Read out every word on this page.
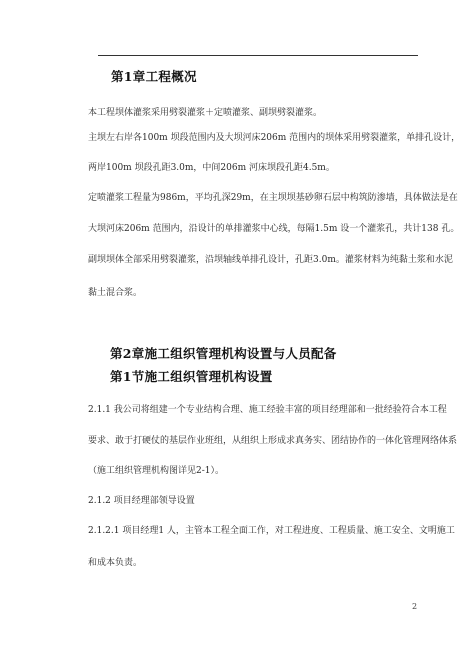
第1章工程概况
本工程坝体灌浆采用劈裂灌浆＋定喷灌浆、副坝劈裂灌浆。
主坝左右岸各100m 坝段范围内及大坝河床206m 范围内的坝体采用劈裂灌浆，单排孔设计，
两岸100m 坝段孔距3.0m，中间206m 河床坝段孔距4.5m。
定喷灌浆工程量为986m，平均孔深29m，在主坝坝基砂卵石层中构筑防渗墙，具体做法是在
大坝河床206m 范围内，沿设计的单排灌浆中心线，每隔1.5m 设一个灌浆孔，共计138 孔。
副坝坝体全部采用劈裂灌浆，沿坝轴线单排孔设计，孔距3.0m。灌浆材料为纯黏土浆和水泥
黏土混合浆。
第2章施工组织管理机构设置与人员配备
第1节施工组织管理机构设置
2.1.1 我公司将组建一个专业结构合理、施工经验丰富的项目经理部和一批经验符合本工程
要求、敢于打硬仗的基层作业班组，从组织上形成求真务实、团结协作的一体化管理网络体系
（施工组织管理机构图详见2-1）。
2.1.2 项目经理部领导设置
2.1.2.1 项目经理1 人，主管本工程全面工作，对工程进度、工程质量、施工安全、文明施工
和成本负责。
2
